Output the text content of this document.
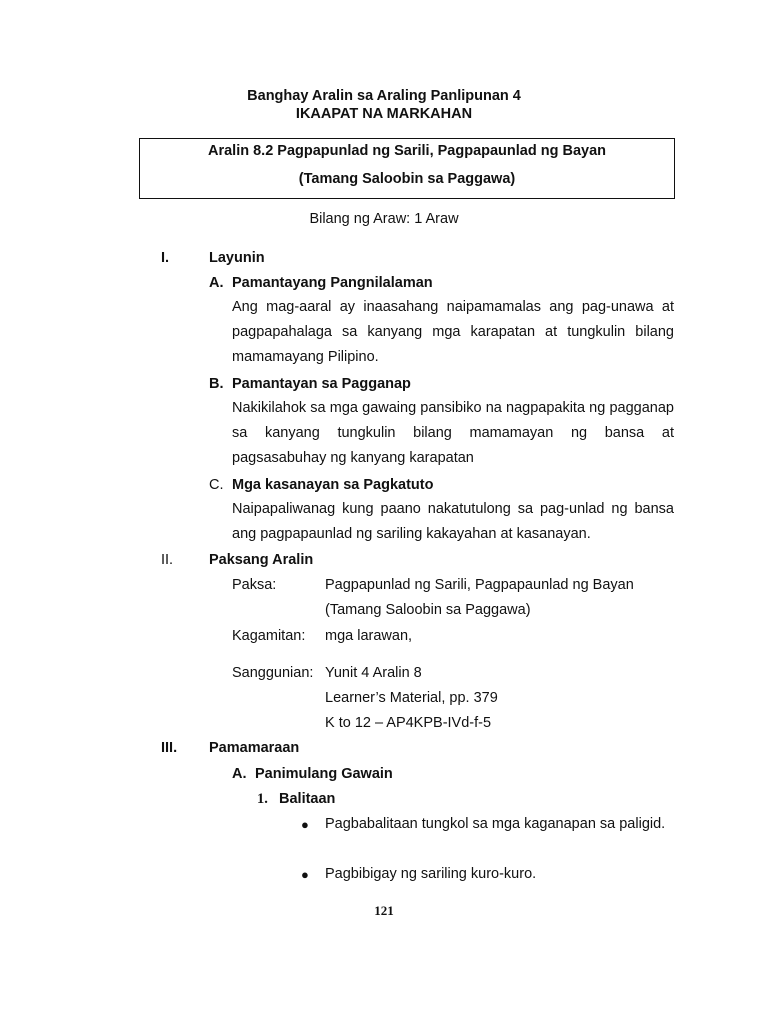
Banghay Aralin sa Araling Panlipunan 4
IKAAPAT NA MARKAHAN
Aralin 8.2 Pagpapunlad ng Sarili, Pagpapaunlad ng Bayan
(Tamang Saloobin sa Paggawa)
Bilang ng Araw: 1 Araw
I.	Layunin
A. Pamantayang Pangnilalaman
Ang mag-aaral ay inaasahang naipamamalas ang pag-unawa at pagpapahalaga sa kanyang mga karapatan at tungkulin bilang mamamayang Pilipino.
B. Pamantayan sa Pagganap
Nakikilahok sa mga gawaing pansibiko na nagpapakita ng pagganap sa kanyang tungkulin bilang mamamayan ng bansa at pagsasabuhay ng kanyang karapatan
C. Mga kasanayan sa Pagkatuto
Naipapaliwanag kung paano nakatutulong sa pag-unlad ng bansa ang pagpapaunlad ng sariling kakayahan at kasanayan.
II. Paksang Aralin
Paksa:	Pagpapunlad ng Sarili, Pagpapaunlad ng Bayan
(Tamang Saloobin sa Paggawa)
Kagamitan: mga larawan,
Sanggunian: Yunit 4 Aralin 8
Learner’s Material, pp. 379
K to 12 – AP4KPB-IVd-f-5
III. Pamamaraan
A. Panimulang Gawain
1. Balitaan
● Pagbabalitaan tungkol sa mga kaganapan sa paligid.
● Pagbibigay ng sariling kuro-kuro.
121
